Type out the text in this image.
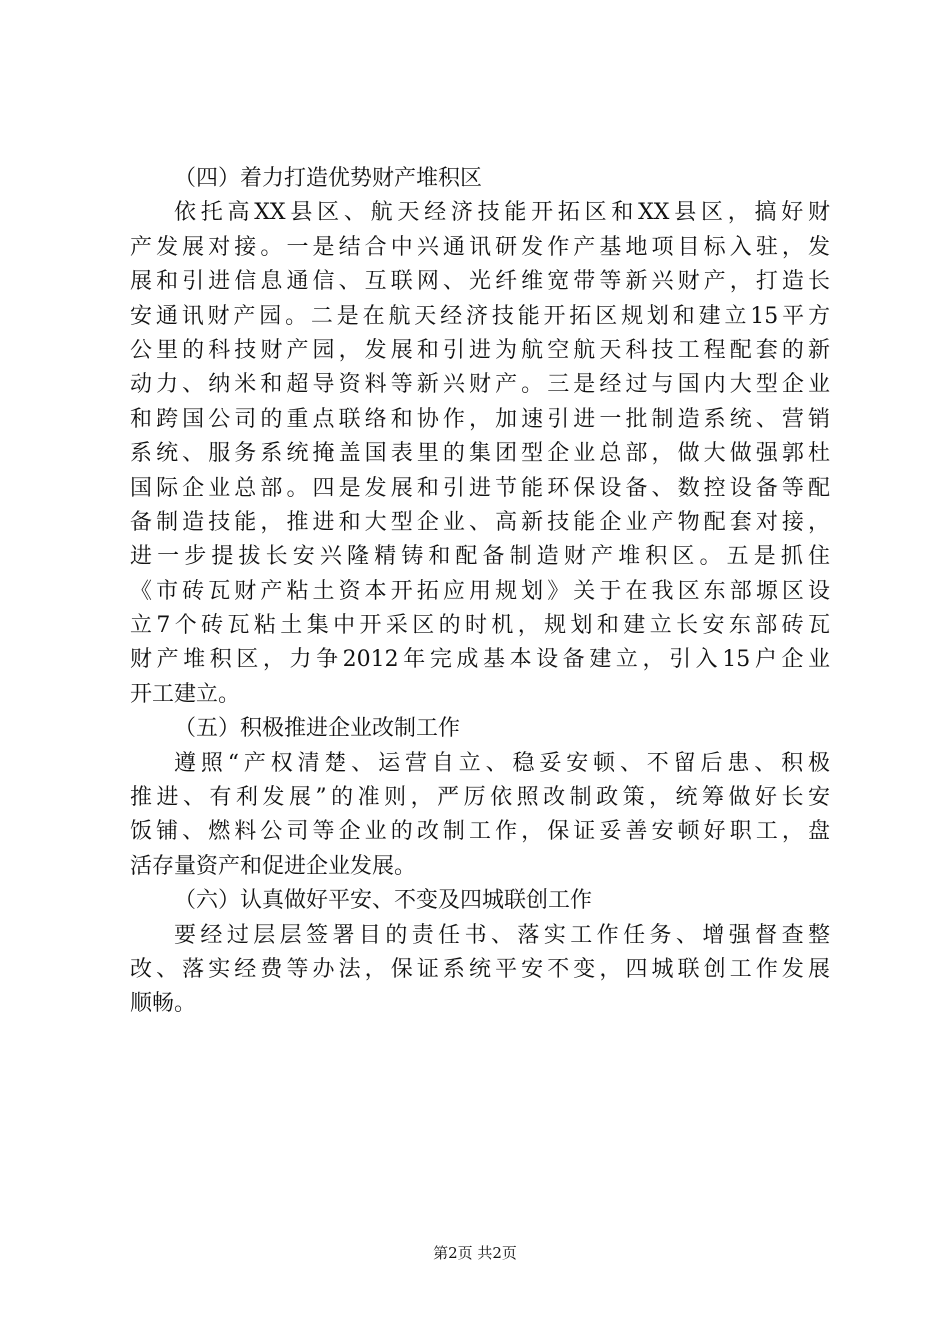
（四）着力打造优势财产堆积区
依托高XX县区、航天经济技能开拓区和XX县区，搞好财
产发展对接。一是结合中兴通讯研发作产基地项目标入驻，发
展和引进信息通信、互联网、光纤维宽带等新兴财产，打造长
安通讯财产园。二是在航天经济技能开拓区规划和建立15平方
公里的科技财产园，发展和引进为航空航天科技工程配套的新
动力、纳米和超导资料等新兴财产。三是经过与国内大型企业
和跨国公司的重点联络和协作，加速引进一批制造系统、营销
系统、服务系统掩盖国表里的集团型企业总部，做大做强郭杜
国际企业总部。四是发展和引进节能环保设备、数控设备等配
备制造技能，推进和大型企业、高新技能企业产物配套对接，
进一步提拔长安兴隆精铸和配备制造财产堆积区。五是抓住
《市砖瓦财产粘土资本开拓应用规划》关于在我区东部塬区设
立7个砖瓦粘土集中开采区的时机，规划和建立长安东部砖瓦
财产堆积区，力争2012年完成基本设备建立，引入15户企业
开工建立。
（五）积极推进企业改制工作
遵照“产权清楚、运营自立、稳妥安顿、不留后患、积极
推进、有利发展”的准则，严厉依照改制政策，统筹做好长安
饭铺、燃料公司等企业的改制工作，保证妥善安顿好职工，盘
活存量资产和促进企业发展。
（六）认真做好平安、不变及四城联创工作
要经过层层签署目的责任书、落实工作任务、增强督查整
改、落实经费等办法，保证系统平安不变，四城联创工作发展
顺畅。
第2页 共2页
